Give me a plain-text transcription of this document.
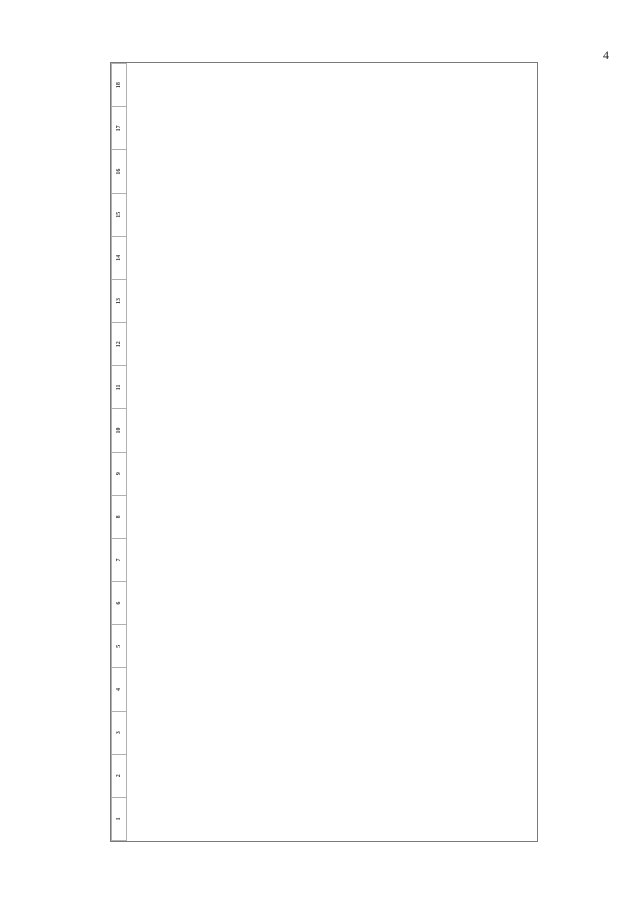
4
1	2	3	4	5	6	7	8	9	10	11	12	13	14	15	16	17	18
